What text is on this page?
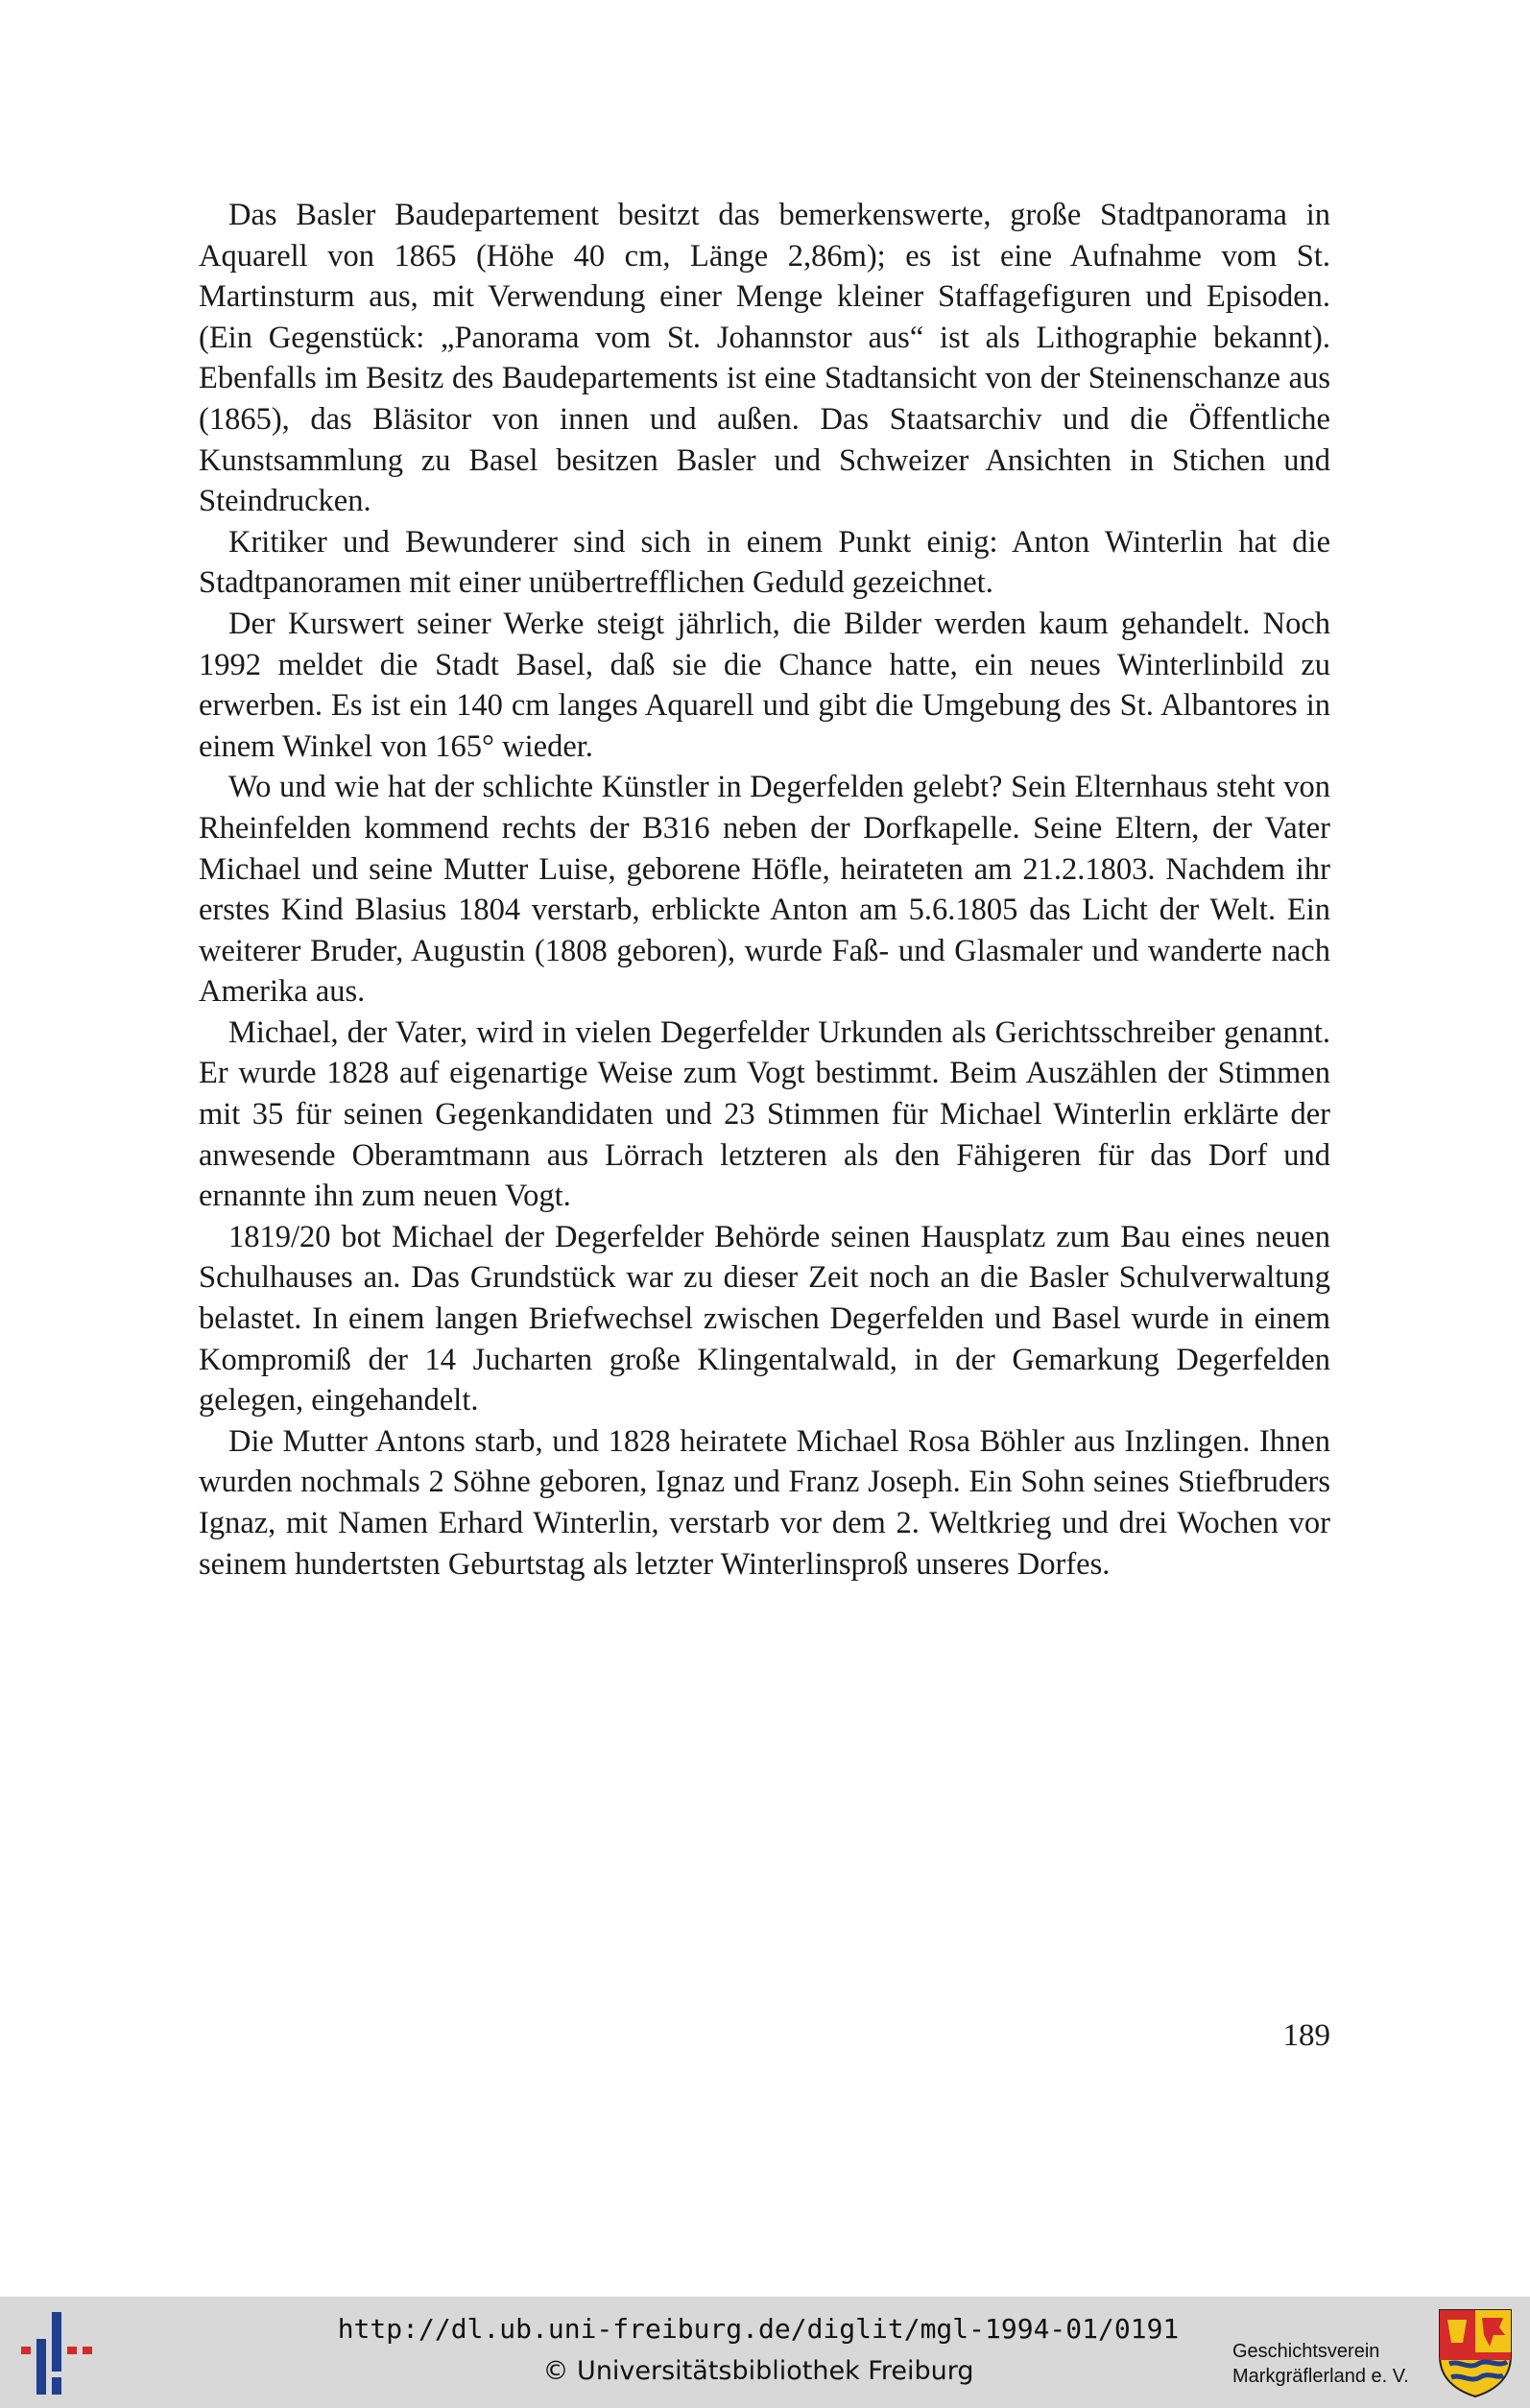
Das Basler Baudepartement besitzt das bemerkenswerte, große Stadtpanorama in Aquarell von 1865 (Höhe 40 cm, Länge 2,86m); es ist eine Aufnahme vom St. Martinsturm aus, mit Verwendung einer Menge kleiner Staffagefiguren und Episoden. (Ein Gegenstück: „Panorama vom St. Johannstor aus“ ist als Lithographie bekannt). Ebenfalls im Besitz des Baudepartements ist eine Stadtansicht von der Steinenschanze aus (1865), das Bläsitor von innen und außen. Das Staatsarchiv und die Öffentliche Kunstsammlung zu Basel besitzen Basler und Schweizer Ansichten in Stichen und Steindrucken.

Kritiker und Bewunderer sind sich in einem Punkt einig: Anton Winterlin hat die Stadtpanoramen mit einer unübertrefflichen Geduld gezeichnet.

Der Kurswert seiner Werke steigt jährlich, die Bilder werden kaum gehandelt. Noch 1992 meldet die Stadt Basel, daß sie die Chance hatte, ein neues Winterlinbild zu erwerben. Es ist ein 140 cm langes Aquarell und gibt die Umgebung des St. Albantores in einem Winkel von 165° wieder.

Wo und wie hat der schlichte Künstler in Degerfelden gelebt? Sein Elternhaus steht von Rheinfelden kommend rechts der B316 neben der Dorfkapelle. Seine Eltern, der Vater Michael und seine Mutter Luise, geborene Höfle, heirateten am 21.2.1803. Nachdem ihr erstes Kind Blasius 1804 verstarb, erblickte Anton am 5.6.1805 das Licht der Welt. Ein weiterer Bruder, Augustin (1808 geboren), wurde Faß- und Glasmaler und wanderte nach Amerika aus.

Michael, der Vater, wird in vielen Degerfelder Urkunden als Gerichtsschreiber genannt. Er wurde 1828 auf eigenartige Weise zum Vogt bestimmt. Beim Auszählen der Stimmen mit 35 für seinen Gegenkandidaten und 23 Stimmen für Michael Winterlin erklärte der anwesende Oberamtmann aus Lörrach letzteren als den Fähigeren für das Dorf und ernannte ihn zum neuen Vogt.

1819/20 bot Michael der Degerfelder Behörde seinen Hausplatz zum Bau eines neuen Schulhauses an. Das Grundstück war zu dieser Zeit noch an die Basler Schulverwaltung belastet. In einem langen Briefwechsel zwischen Degerfelden und Basel wurde in einem Kompromiß der 14 Jucharten große Klingentalwald, in der Gemarkung Degerfelden gelegen, eingehandelt.

Die Mutter Antons starb, und 1828 heiratete Michael Rosa Böhler aus Inzlingen. Ihnen wurden nochmals 2 Söhne geboren, Ignaz und Franz Joseph. Ein Sohn seines Stiefbruders Ignaz, mit Namen Erhard Winterlin, verstarb vor dem 2. Weltkrieg und drei Wochen vor seinem hundertsten Geburtstag als letzter Winterlinsproß unseres Dorfes.

189
http://dl.ub.uni-freiburg.de/diglit/mgl-1994-01/0191
© Universitätsbibliothek Freiburg
Geschichtsverein
Markgräflerland e. V.
